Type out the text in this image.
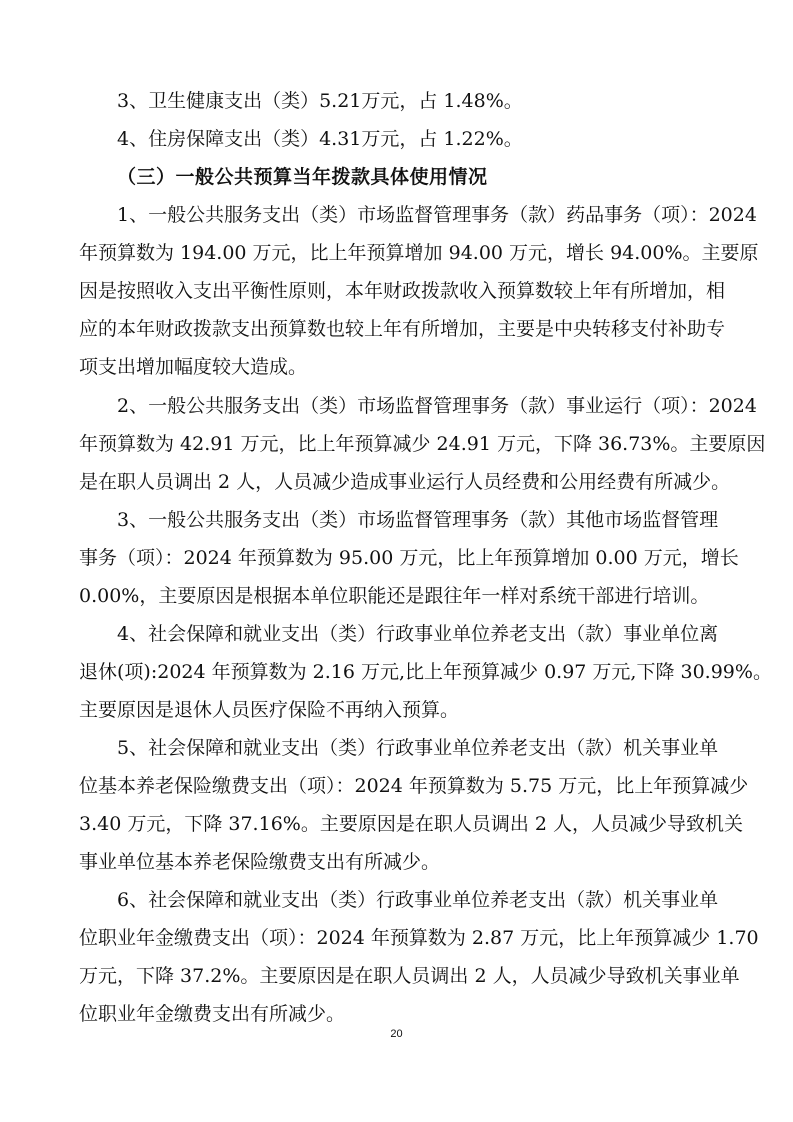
3、卫生健康支出（类）5.21万元，占 1.48%。
4、住房保障支出（类）4.31万元，占 1.22%。
（三）一般公共预算当年拨款具体使用情况
1、一般公共服务支出（类）市场监督管理事务（款）药品事务（项）：2024
年预算数为 194.00 万元，比上年预算增加 94.00 万元，增长 94.00%。主要原
因是按照收入支出平衡性原则，本年财政拨款收入预算数较上年有所增加，相
应的本年财政拨款支出预算数也较上年有所增加，主要是中央转移支付补助专
项支出增加幅度较大造成。
2、一般公共服务支出（类）市场监督管理事务（款）事业运行（项）：2024
年预算数为 42.91 万元，比上年预算减少 24.91 万元，下降 36.73%。主要原因
是在职人员调出 2 人，人员减少造成事业运行人员经费和公用经费有所减少。
3、一般公共服务支出（类）市场监督管理事务（款）其他市场监督管理
事务（项）：2024 年预算数为 95.00 万元，比上年预算增加 0.00 万元，增长
0.00%，主要原因是根据本单位职能还是跟往年一样对系统干部进行培训。
4、社会保障和就业支出（类）行政事业单位养老支出（款）事业单位离
退休(项):2024 年预算数为 2.16 万元,比上年预算减少 0.97 万元,下降 30.99%。
主要原因是退休人员医疗保险不再纳入预算。
5、社会保障和就业支出（类）行政事业单位养老支出（款）机关事业单
位基本养老保险缴费支出（项）：2024 年预算数为 5.75 万元，比上年预算减少
3.40 万元，下降 37.16%。主要原因是在职人员调出 2 人，人员减少导致机关
事业单位基本养老保险缴费支出有所减少。
6、社会保障和就业支出（类）行政事业单位养老支出（款）机关事业单
位职业年金缴费支出（项）：2024 年预算数为 2.87 万元，比上年预算减少 1.70
万元，下降 37.2%。主要原因是在职人员调出 2 人，人员减少导致机关事业单
位职业年金缴费支出有所减少。
20
